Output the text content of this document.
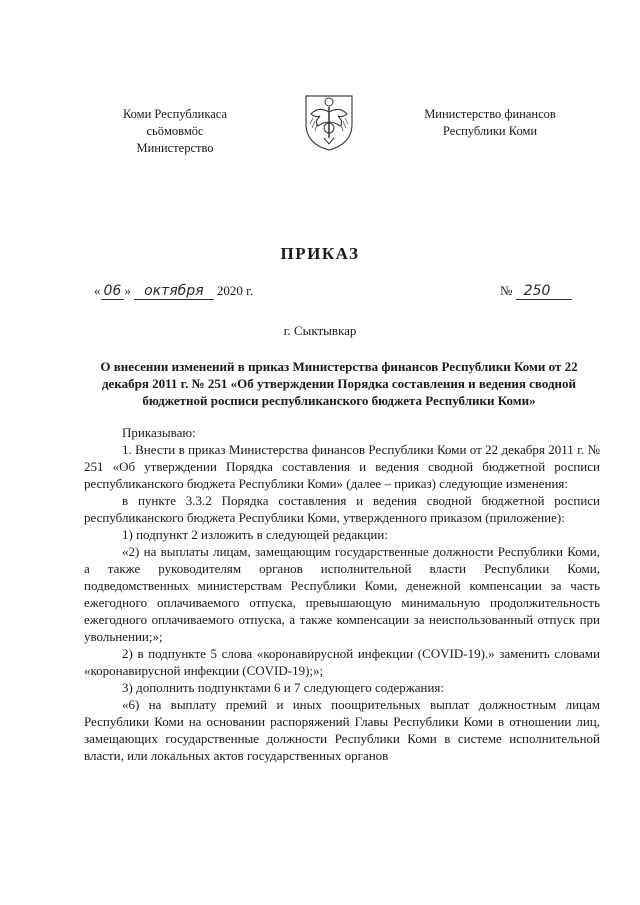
Коми Республикаса
сьӧмовмӧс
Министерство
Министерство финансов
Республики Коми
ПРИКАЗ
« 06 » октября 2020 г.	№ 250
г. Сыктывкар
О внесении изменений в приказ Министерства финансов Республики Коми от 22 декабря 2011 г. № 251 «Об утверждении Порядка составления и ведения сводной бюджетной росписи республиканского бюджета Республики Коми»

Приказываю:

1. Внести в приказ Министерства финансов Республики Коми от 22 декабря 2011 г. № 251 «Об утверждении Порядка составления и ведения сводной бюджетной росписи республиканского бюджета Республики Коми» (далее – приказ) следующие изменения:

в пункте 3.3.2 Порядка составления и ведения сводной бюджетной росписи республиканского бюджета Республики Коми, утвержденного приказом (приложение):

1) подпункт 2 изложить в следующей редакции:

«2) на выплаты лицам, замещающим государственные должности Республики Коми, а также руководителям органов исполнительной власти Республики Коми, подведомственных министерствам Республики Коми, денежной компенсации за часть ежегодного оплачиваемого отпуска, превышающую минимальную продолжительность ежегодного оплачиваемого отпуска, а также компенсации за неиспользованный отпуск при увольнении;»;

2) в подпункте 5 слова «коронавирусной инфекции (COVID-19).» заменить словами «коронавирусной инфекции (COVID-19);»;

3) дополнить подпунктами 6 и 7 следующего содержания:

«6) на выплату премий и иных поощрительных выплат должностным лицам Республики Коми на основании распоряжений Главы Республики Коми в отношении лиц, замещающих государственные должности Республики Коми в системе исполнительной власти, или локальных актов государственных органов
